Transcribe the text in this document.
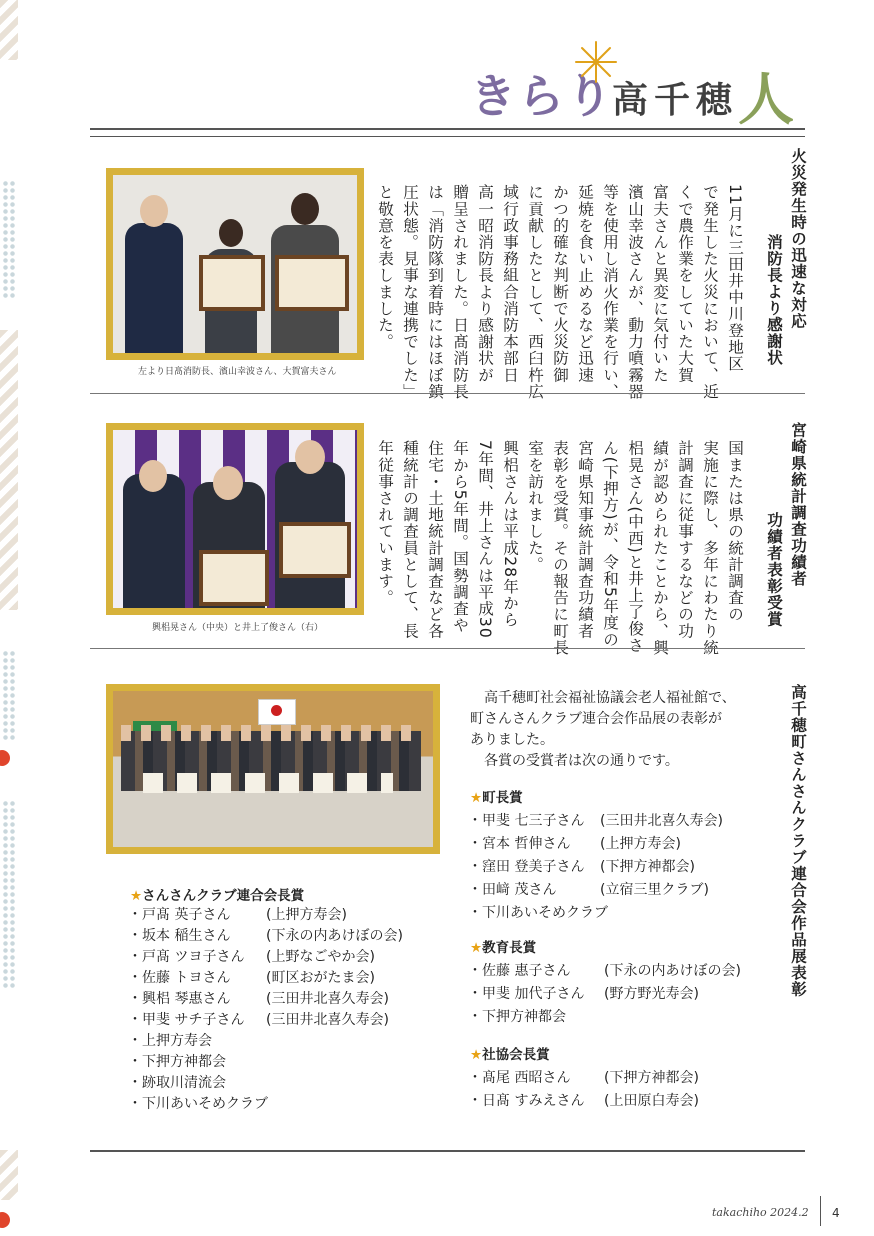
きらり
高千穂 人
左より日髙消防長、濱山幸波さん、大賀富夫さん
11月に三田井中川登地区
で発生した火災において、近
くで農作業をしていた大賀
富夫さんと異変に気付いた
濱山幸波さんが、動力噴霧器
等を使用し消火作業を行い、
延焼を食い止めるなど迅速
かつ的確な判断で火災防御
に貢献したとして、西臼杵広
域行政事務組合消防本部日
高一昭消防長より感謝状が
贈呈されました。日髙消防長
は「消防隊到着時にはほぼ鎮
圧状態。見事な連携でした」
と敬意を表しました。	火災発生時の迅速な対応
消防長より感謝状
興梠晃さん（中央）と井上了俊さん（右）
国または県の統計調査の
実施に際し、多年にわたり統
計調査に従事するなどの功
績が認められたことから、興
梠晃さん(中西)と井上了俊さ
ん(下押方)が、令和5年度の
宮崎県知事統計調査功績者
表彰を受賞。その報告に町長
室を訪れました。
興梠さんは平成28年から
7年間、井上さんは平成30
年から5年間。国勢調査や
住宅・土地統計調査など各
種統計の調査員として、長
年従事されています。	宮崎県統計調査功績者
功績者表彰受賞
高千穂町さんさんクラブ連合会作品展表彰
　高千穂町社会福祉協議会老人福祉館で、
町さんさんクラブ連合会作品展の表彰が
ありました。
　各賞の受賞者は次の通りです。
★さんさんクラブ連合会長賞
・戸髙 英子さん	(上押方寿会)
・坂本 稲生さん	(下永の内あけぼの会)
・戸髙 ツヨ子さん (上野なごやか会)
・佐藤 トヨさん	(町区おがたま会)
・興梠 琴惠さん	(三田井北喜久寿会)
・甲斐 サチ子さん (三田井北喜久寿会)
・上押方寿会
・下押方神都会
・跡取川清流会
・下川あいそめクラブ
★町長賞
・甲斐 七三子さん (三田井北喜久寿会)
・宮本 哲伸さん (上押方寿会)
・窪田 登美子さん (下押方神都会)
・田﨑 茂さん	(立宿三里クラブ)
・下川あいそめクラブ
★教育長賞
・佐藤 惠子さん (下永の内あけぼの会)
・甲斐 加代子さん (野方野光寿会)
・下押方神都会
★社協会長賞
・髙尾 西昭さん (下押方神都会)
・日髙 すみえさん (上田原白寿会)
takachiho 2024.2 4
